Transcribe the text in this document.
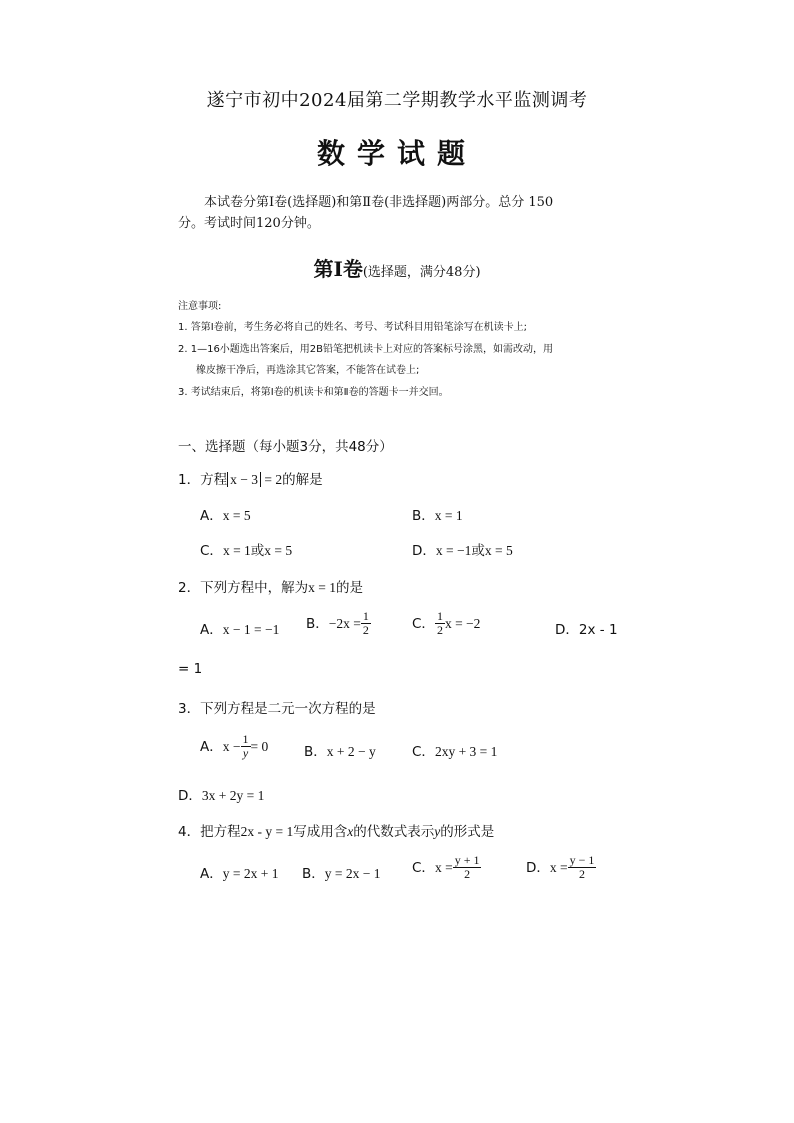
遂宁市初中2024届第二学期教学水平监测调考
数学试题
本试卷分第Ⅰ卷(选择题)和第Ⅱ卷(非选择题)两部分。总分 150
分。考试时间120分钟。
第Ⅰ卷(选择题，满分48分)
注意事项:
1. 答第Ⅰ卷前，考生务必将自己的姓名、考号、考试科目用铅笔涂写在机读卡上;
2. 1—16小题选出答案后，用2B铅笔把机读卡上对应的答案标号涂黑，如需改动，用
橡皮擦干净后，再选涂其它答案，不能答在试卷上;
3. 考试结束后，将第Ⅰ卷的机读卡和第Ⅱ卷的答题卡一并交回。
一、选择题（每小题3分，共48分）
1．方程 x − 3 = 2的解是
A．x = 5	B．x = 1
C．x = 1或x = 5	D．x = −1或x = 5
2．下列方程中，解为x = 1的是
A．x − 1 = −1 B．$-2x = \frac{1}{2}$	C． $\frac{1}{2}$ x = −2	D．2x - 1
= 1
3．下列方程是二元一次方程的是
A．$x - \frac{1}{y} = 0$	B．x + 2 − y	C．2xy + 3 = 1
D．3x + 2y = 1
4．把方程2x - y = 1写成用含x的代数式表示y的形式是
A．y = 2x + 1 B．y = 2x − 1 C．$x = \frac{y + 1}{2}$	D．$x = \frac{y - 1}{2}$
